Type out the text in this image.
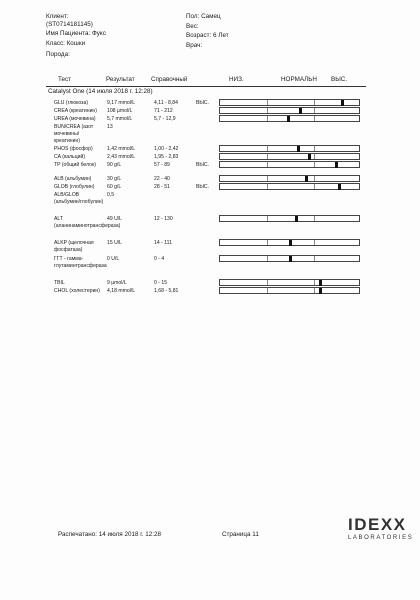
Клиент:
(ST0714181145)
Имя Пациента: Фукс
Класс: Кошки
Порода:
Пол: Самец
Вес:
Возраст: 6 Лет
Врач:
Тест	Результат	Справочный	НИЗ.	НОРМАЛЬН ВЫС.
Catalyst One (14 июля 2018 г. 12:28)
GLU (глюкоза)	9,17 mmol/L	4,11 - 8,84	ВЫС.
CREA (креатинин)	108 µmol/L	71 - 212
UREA (мочевина)	5,7 mmol/L	5,7 - 12,9
BUN/CREA (азот мочевины/креатинин)
13
PHOS (фосфор)	1,42 mmol/L	1,00 - 2,42
CA (кальций)	2,43 mmol/L	1,95 - 2,83
TP (общий белок)	90 g/L	57 - 89	ВЫС.
ALB (альбумин)	30 g/L	22 - 40
GLOB (глобулин)	60 g/L	28 - 51	ВЫС.
ALB/GLOB (альбумин/глобулин)
0,5
ALT (аланинаминотрансфераза)
49 U/L	12 - 130
ALKP (щелочная фосфатаза)
15 U/L	14 - 111
ГГТ - гамма-глутаминтрансфераза
0 U/L	0 - 4
TBIL	9 µmol/L	0 - 15
CHOL (холестерин)	4,18 mmol/L	1,68 - 5,81
Распечатано: 14 июля 2018 г. 12:28	Страница 11
IDEXX
LABORATORIES
